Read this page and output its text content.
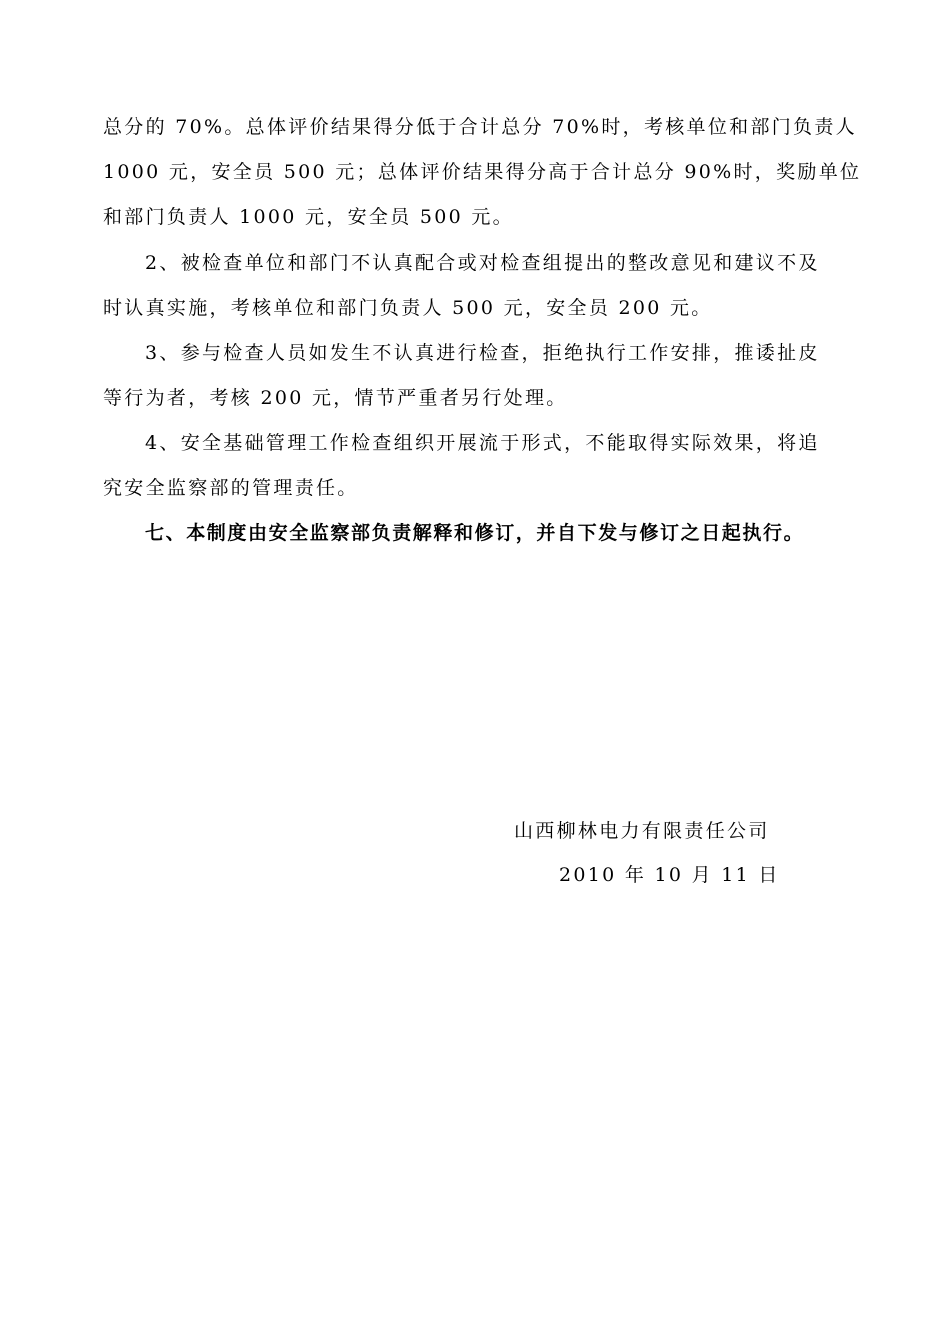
总分的 70%。总体评价结果得分低于合计总分 70%时，考核单位和部门负责人
1000 元，安全员 500 元；总体评价结果得分高于合计总分 90%时，奖励单位
和部门负责人 1000 元，安全员 500 元。
2、被检查单位和部门不认真配合或对检查组提出的整改意见和建议不及
时认真实施，考核单位和部门负责人 500 元，安全员 200 元。
3、参与检查人员如发生不认真进行检查，拒绝执行工作安排，推诿扯皮
等行为者，考核 200 元，情节严重者另行处理。
4、安全基础管理工作检查组织开展流于形式，不能取得实际效果，将追
究安全监察部的管理责任。
七、本制度由安全监察部负责解释和修订，并自下发与修订之日起执行。
山西柳林电力有限责任公司
2010 年 10 月 11 日
